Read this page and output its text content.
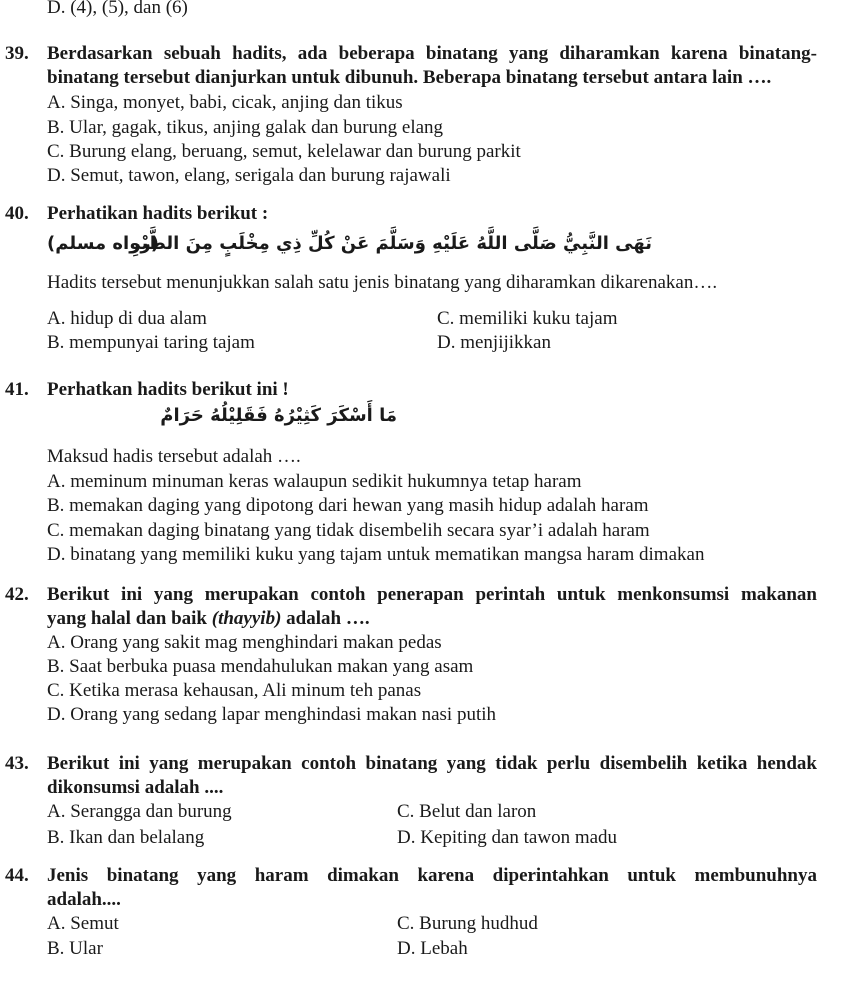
D. (4), (5), dan (6)
39. Berdasarkan sebuah hadits, ada beberapa binatang yang diharamkan karena binatang-
binatang tersebut dianjurkan untuk dibunuh. Beberapa binatang tersebut antara lain ….
A. Singa, monyet, babi, cicak, anjing dan tikus
B. Ular, gagak, tikus, anjing galak dan burung elang
C. Burung elang, beruang, semut, kelelawar dan burung parkit
D. Semut, tawon, elang, serigala dan burung rajawali
40. Perhatikan hadits berikut :
(رواه مسلم)
نَهَى النَّبِيُّ صَلَّى اللَّهُ عَلَيْهِ وَسَلَّمَ عَنْ كُلِّ ذِي مِخْلَبٍ مِنَ الطَّيْرِ
Hadits tersebut menunjukkan salah satu jenis binatang yang diharamkan dikarenakan….
A. hidup di dua alam	C. memiliki kuku tajam
B. mempunyai taring tajam	D. menjijikkan
41. Perhatkan hadits berikut ini !
مَا أَسْكَرَ كَثِيْرُهُ فَقَلِيْلُهُ حَرَامٌ
Maksud hadis tersebut adalah ….
A. meminum minuman keras walaupun sedikit hukumnya tetap haram
B. memakan daging yang dipotong dari hewan yang masih hidup adalah haram
C. memakan daging binatang yang tidak disembelih secara syar’i adalah haram
D. binatang yang memiliki kuku yang tajam untuk mematikan mangsa haram dimakan
42. Berikut ini yang merupakan contoh penerapan perintah untuk menkonsumsi makanan
yang halal dan baik (thayyib) adalah ….
A. Orang yang sakit mag menghindari makan pedas
B. Saat berbuka puasa mendahulukan makan yang asam
C. Ketika merasa kehausan, Ali minum teh panas
D. Orang yang sedang lapar menghindasi makan nasi putih
43. Berikut ini yang merupakan contoh binatang yang tidak perlu disembelih ketika hendak
dikonsumsi adalah ....
A. Serangga dan burung	C. Belut dan laron
B. Ikan dan belalang	D. Kepiting dan tawon madu
44. Jenis binatang yang haram dimakan karena diperintahkan untuk membunuhnya
adalah....
A. Semut	C. Burung hudhud
B. Ular	D. Lebah
